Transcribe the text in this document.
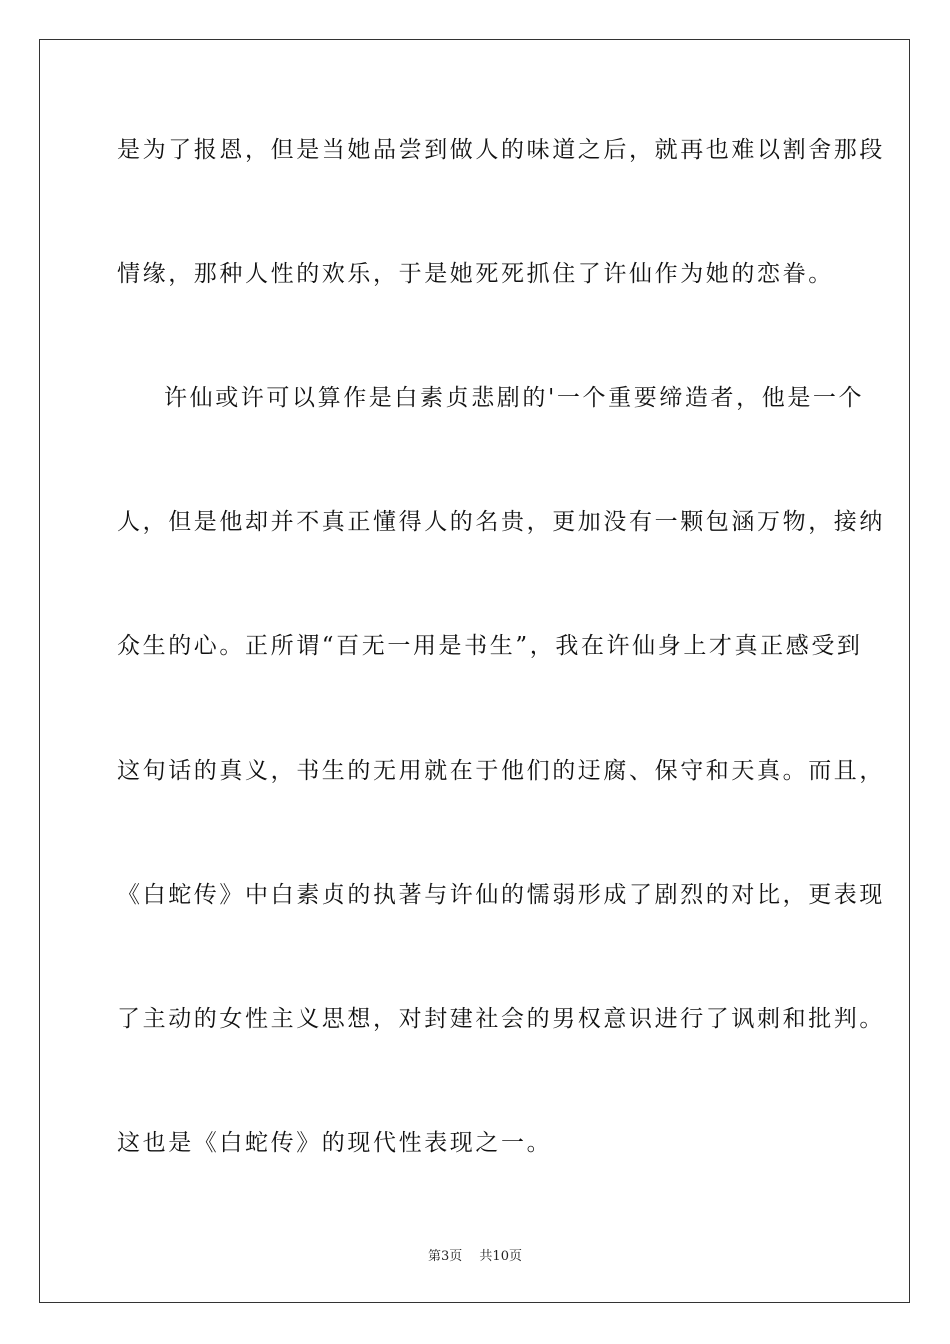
是为了报恩，但是当她品尝到做人的味道之后，就再也难以割舍那段
情缘，那种人性的欢乐，于是她死死抓住了许仙作为她的恋眷。
许仙或许可以算作是白素贞悲剧的'一个重要缔造者，他是一个
人，但是他却并不真正懂得人的名贵，更加没有一颗包涵万物，接纳
众生的心。正所谓“百无一用是书生”，我在许仙身上才真正感受到
这句话的真义，书生的无用就在于他们的迂腐、保守和天真。而且，
《白蛇传》中白素贞的执著与许仙的懦弱形成了剧烈的对比，更表现
了主动的女性主义思想，对封建社会的男权意识进行了讽刺和批判。
这也是《白蛇传》的现代性表现之一。
第3页　 共10页
